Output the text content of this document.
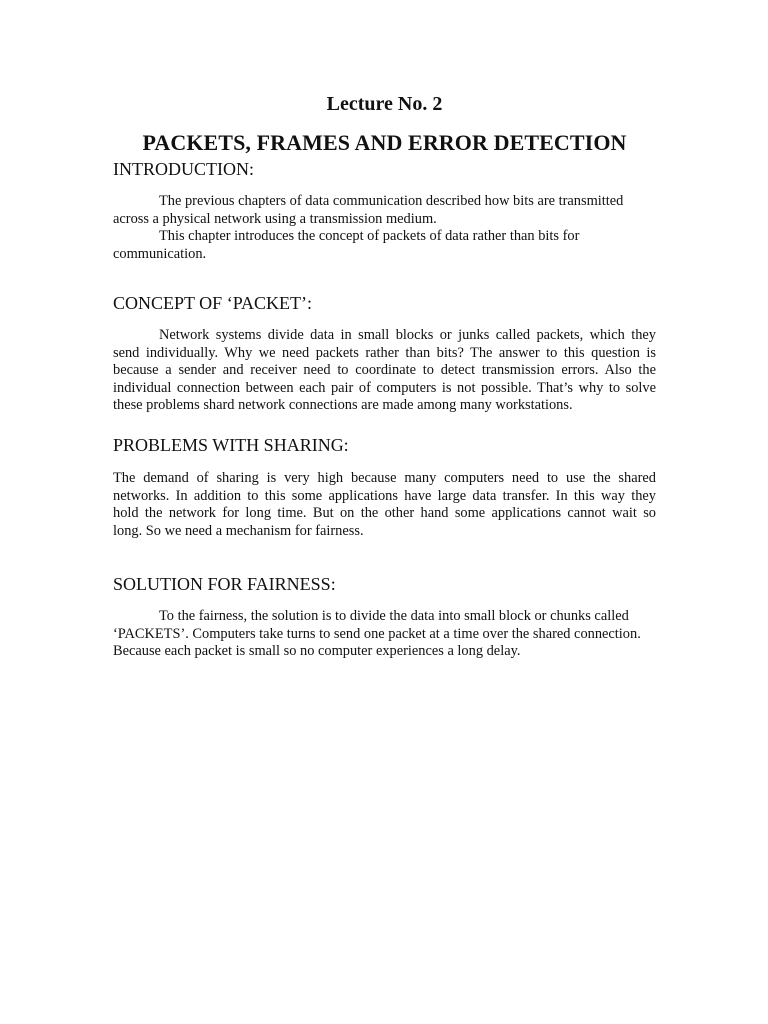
Lecture No. 2
PACKETS, FRAMES AND ERROR DETECTION
INTRODUCTION:
The previous chapters of data communication described how bits are transmitted
across a physical network using a transmission medium.
This chapter introduces the concept of packets of data rather than bits for
communication.
CONCEPT OF ‘PACKET’:
Network systems divide data in small blocks or junks called packets, which they
send individually. Why we need packets rather than bits? The answer to this question is
because a sender and receiver need to coordinate to detect transmission errors. Also the
individual connection between each pair of computers is not possible. That’s why to solve
these problems shard network connections are made among many workstations.
PROBLEMS WITH SHARING:
The demand of sharing is very high because many computers need to use the shared
networks. In addition to this some applications have large data transfer. In this way they
hold the network for long time. But on the other hand some applications cannot wait so
long. So we need a mechanism for fairness.
SOLUTION FOR FAIRNESS:
To the fairness, the solution is to divide the data into small block or chunks called
‘PACKETS’. Computers take turns to send one packet at a time over the shared connection.
Because each packet is small so no computer experiences a long delay.
